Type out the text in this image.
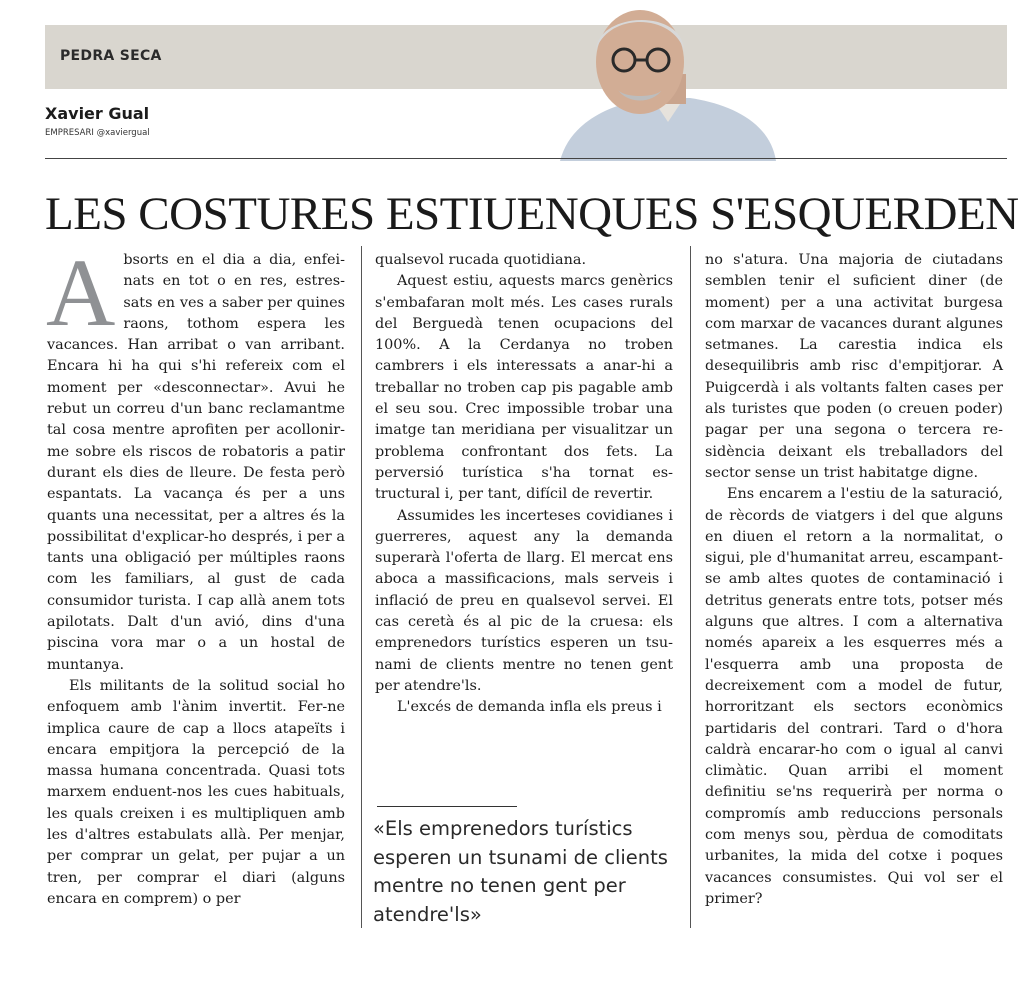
PEDRA SECA
Xavier Gual
EMPRESARI @xaviergual
LES COSTURES ESTIUENQUES S'ESQUERDEN
A bsorts en el dia a dia, enfeinats en tot o en res, estressats en ves a saber per quines raons, tothom espera les vacances. Han arribat o van arribant. Encara hi ha qui s'hi refereix com el moment per «desconnectar». Avui he rebut un correu d'un banc reclamantme tal cosa mentre aprofiten per acollonir-me sobre els riscos de robatoris a patir durant els dies de lleure. De festa però espantats. La vacança és per a uns quants una necessitat, per a altres és la possibilitat d'explicar-ho després, i per a tants una obligació per múltiples raons com les familiars, al gust de cada consumidor turista. I cap allà anem tots apilotats. Dalt d'un avió, dins d'una piscina vora mar o a un hostal de muntanya.

Els militants de la solitud social ho enfoquem amb l'ànim invertit. Fer-ne implica caure de cap a llocs atapeïts i encara empitjora la percepció de la massa humana concentrada. Quasi tots marxem enduent-nos les cues habituals, les quals creixen i es multipliquen amb les d'altres estabulats allà. Per menjar, per comprar un gelat, per pujar a un tren, per comprar el diari (alguns encara en comprem) o per

qualsevol rucada quotidiana.

Aquest estiu, aquests marcs genèrics s'embafaran molt més. Les cases rurals del Berguedà tenen ocupacions del 100%. A la Cerdanya no troben cambrers i els interessats a anar-hi a treballar no troben cap pis pagable amb el seu sou. Crec impossible trobar una imatge tan meridiana per visualitzar un problema confrontant dos fets. La perversió turística s'ha tornat estructural i, per tant, difícil de revertir.

Assumides les incerteses covidianes i guerreres, aquest any la demanda superarà l'oferta de llarg. El mercat ens aboca a massificacions, mals serveis i inflació de preu en qualsevol servei. El cas ceretà és al pic de la cruesa: els emprenedors turístics esperen un tsunami de clients mentre no tenen gent per atendre'ls.

L'excés de demanda infla els preus i

no s'atura. Una majoria de ciutadans semblen tenir el suficient diner (de moment) per a una activitat burgesa com marxar de vacances durant algunes setmanes. La carestia indica els desequilibris amb risc d'empitjorar. A Puigcerdà i als voltants falten cases per als turistes que poden (o creuen poder) pagar per una segona o tercera residència deixant els treballadors del sector sense un trist habitatge digne.

Ens encarem a l'estiu de la saturació, de rècords de viatgers i del que alguns en diuen el retorn a la normalitat, o sigui, ple d'humanitat arreu, escampant-se amb altes quotes de contaminació i detritus generats entre tots, potser més alguns que altres. I com a alternativa només apareix a les esquerres més a l'esquerra amb una proposta de decreixement com a model de futur, horroritzant els sectors econòmics partidaris del contrari. Tard o d'hora caldrà encarar-ho com o igual al canvi climàtic. Quan arribi el moment definitiu se'ns requerirà per norma o compromís amb reduccions personals com menys sou, pèrdua de comoditats urbanites, la mida del cotxe i poques vacances consumistes. Qui vol ser el primer?

«Els emprenedors turístics esperen un tsunami de clients mentre no tenen gent per atendre'ls»
